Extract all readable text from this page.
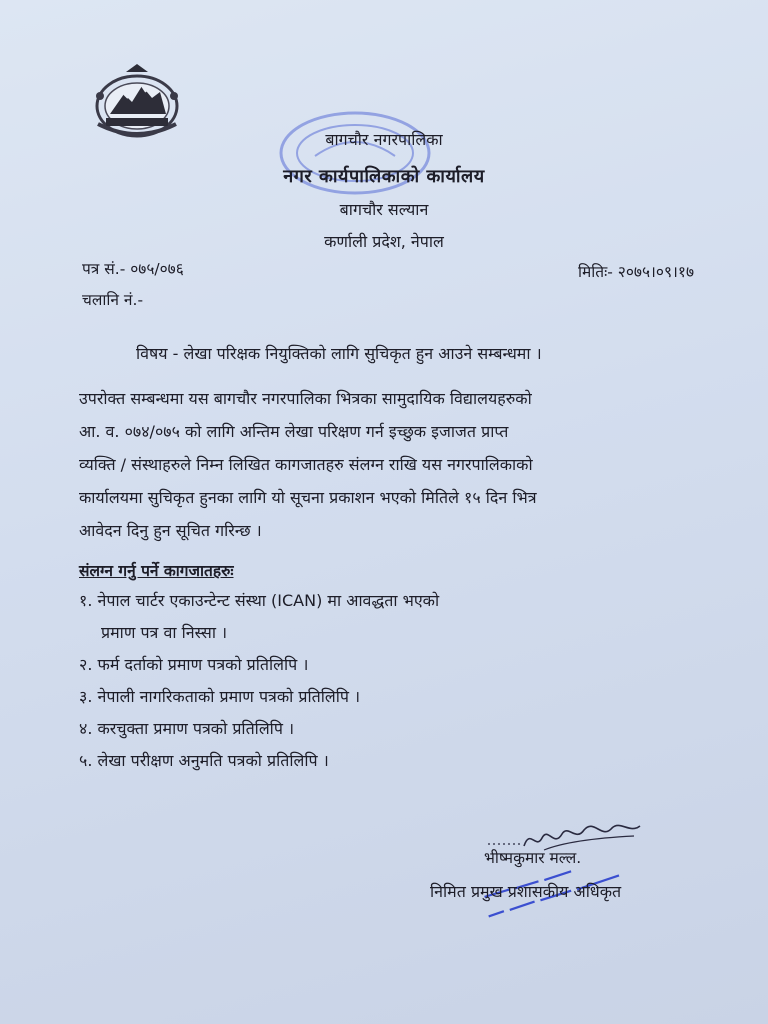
बागचौर नगरपालिका
नगर कार्यपालिकाको कार्यालय
बागचौर सल्यान
कर्णाली प्रदेश, नेपाल
पत्र सं.- ०७५/०७६
चलानि नं.-
मितिः- २०७५।०९।१७
विषय - लेखा परिक्षक नियुक्तिको लागि सुचिकृत हुन आउने सम्बन्धमा ।
उपरोक्त सम्बन्धमा यस बागचौर नगरपालिका भित्रका सामुदायिक विद्यालयहरुको
आ. व. ०७४/०७५ को लागि अन्तिम लेखा परिक्षण गर्न इच्छुक इजाजत प्राप्त
व्यक्ति / संस्थाहरुले निम्न लिखित कागजातहरु संलग्न राखि यस नगरपालिकाको
कार्यालयमा सुचिकृत हुनका लागि यो सूचना प्रकाशन भएको मितिले १५ दिन भित्र
आवेदन दिनु हुन सूचित गरिन्छ ।
संलग्न गर्नु पर्ने कागजातहरुः
१. नेपाल चार्टर एकाउन्टेन्ट संस्था (ICAN) मा आवद्धता भएको
प्रमाण पत्र वा निस्सा ।
२. फर्म दर्ताको प्रमाण पत्रको प्रतिलिपि ।
३. नेपाली नागरिकताको प्रमाण पत्रको प्रतिलिपि ।
४. करचुक्ता प्रमाण पत्रको प्रतिलिपि ।
५. लेखा परीक्षण अनुमति पत्रको प्रतिलिपि ।
भीष्मकुमार मल्ल.
निमित प्रमुख प्रशासकीय अधिकृत
